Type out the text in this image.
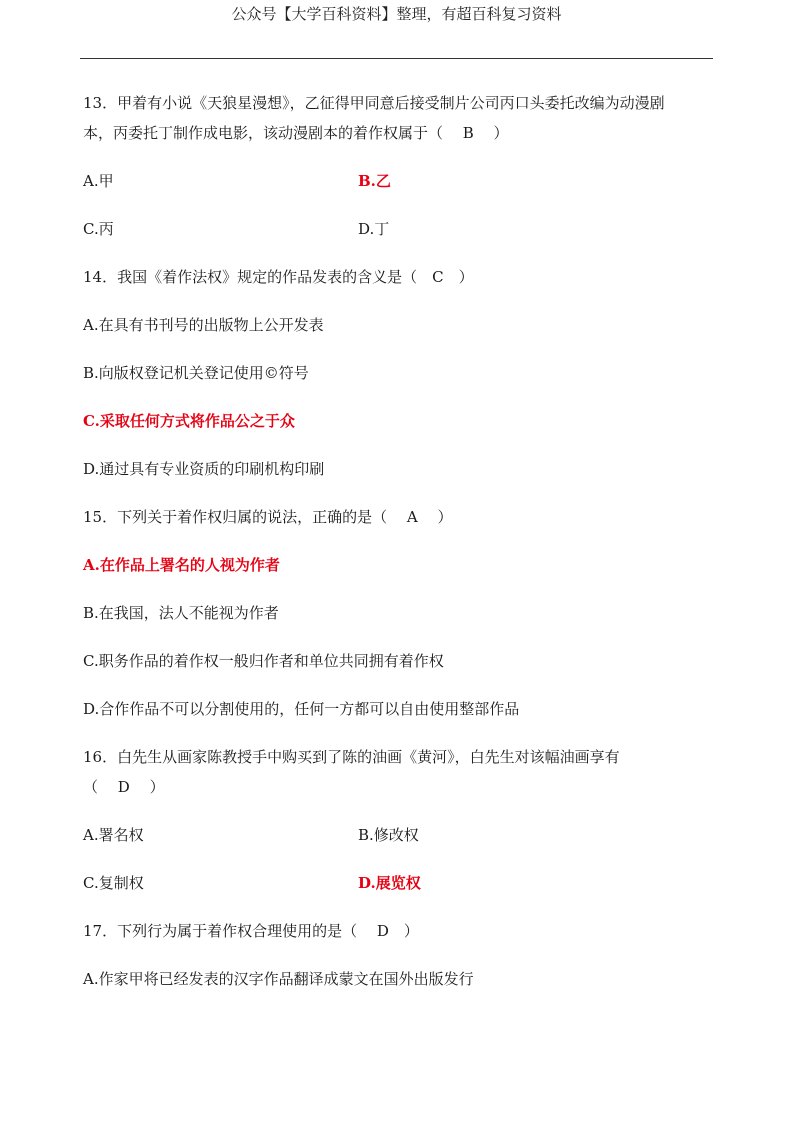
公众号【大学百科资料】整理，有超百科复习资料
13．甲着有小说《天狼星漫想》，乙征得甲同意后接受制片公司丙口头委托改编为动漫剧
本，丙委托丁制作成电影，该动漫剧本的着作权属于（　 B　 ）
A.甲	B.乙
C.丙	D.丁
14．我国《着作法权》规定的作品发表的含义是（　C　）
A.在具有书刊号的出版物上公开发表
B.向版权登记机关登记使用©符号
C.采取任何方式将作品公之于众
D.通过具有专业资质的印刷机构印刷
15．下列关于着作权归属的说法，正确的是（　 A　 ）
A.在作品上署名的人视为作者
B.在我国，法人不能视为作者
C.职务作品的着作权一般归作者和单位共同拥有着作权
D.合作作品不可以分割使用的，任何一方都可以自由使用整部作品
16．白先生从画家陈教授手中购买到了陈的油画《黄河》，白先生对该幅油画享有
（　 D　 ）
A.署名权	B.修改权
C.复制权	D.展览权
17．下列行为属于着作权合理使用的是（　 D　）
A.作家甲将已经发表的汉字作品翻译成蒙文在国外出版发行
